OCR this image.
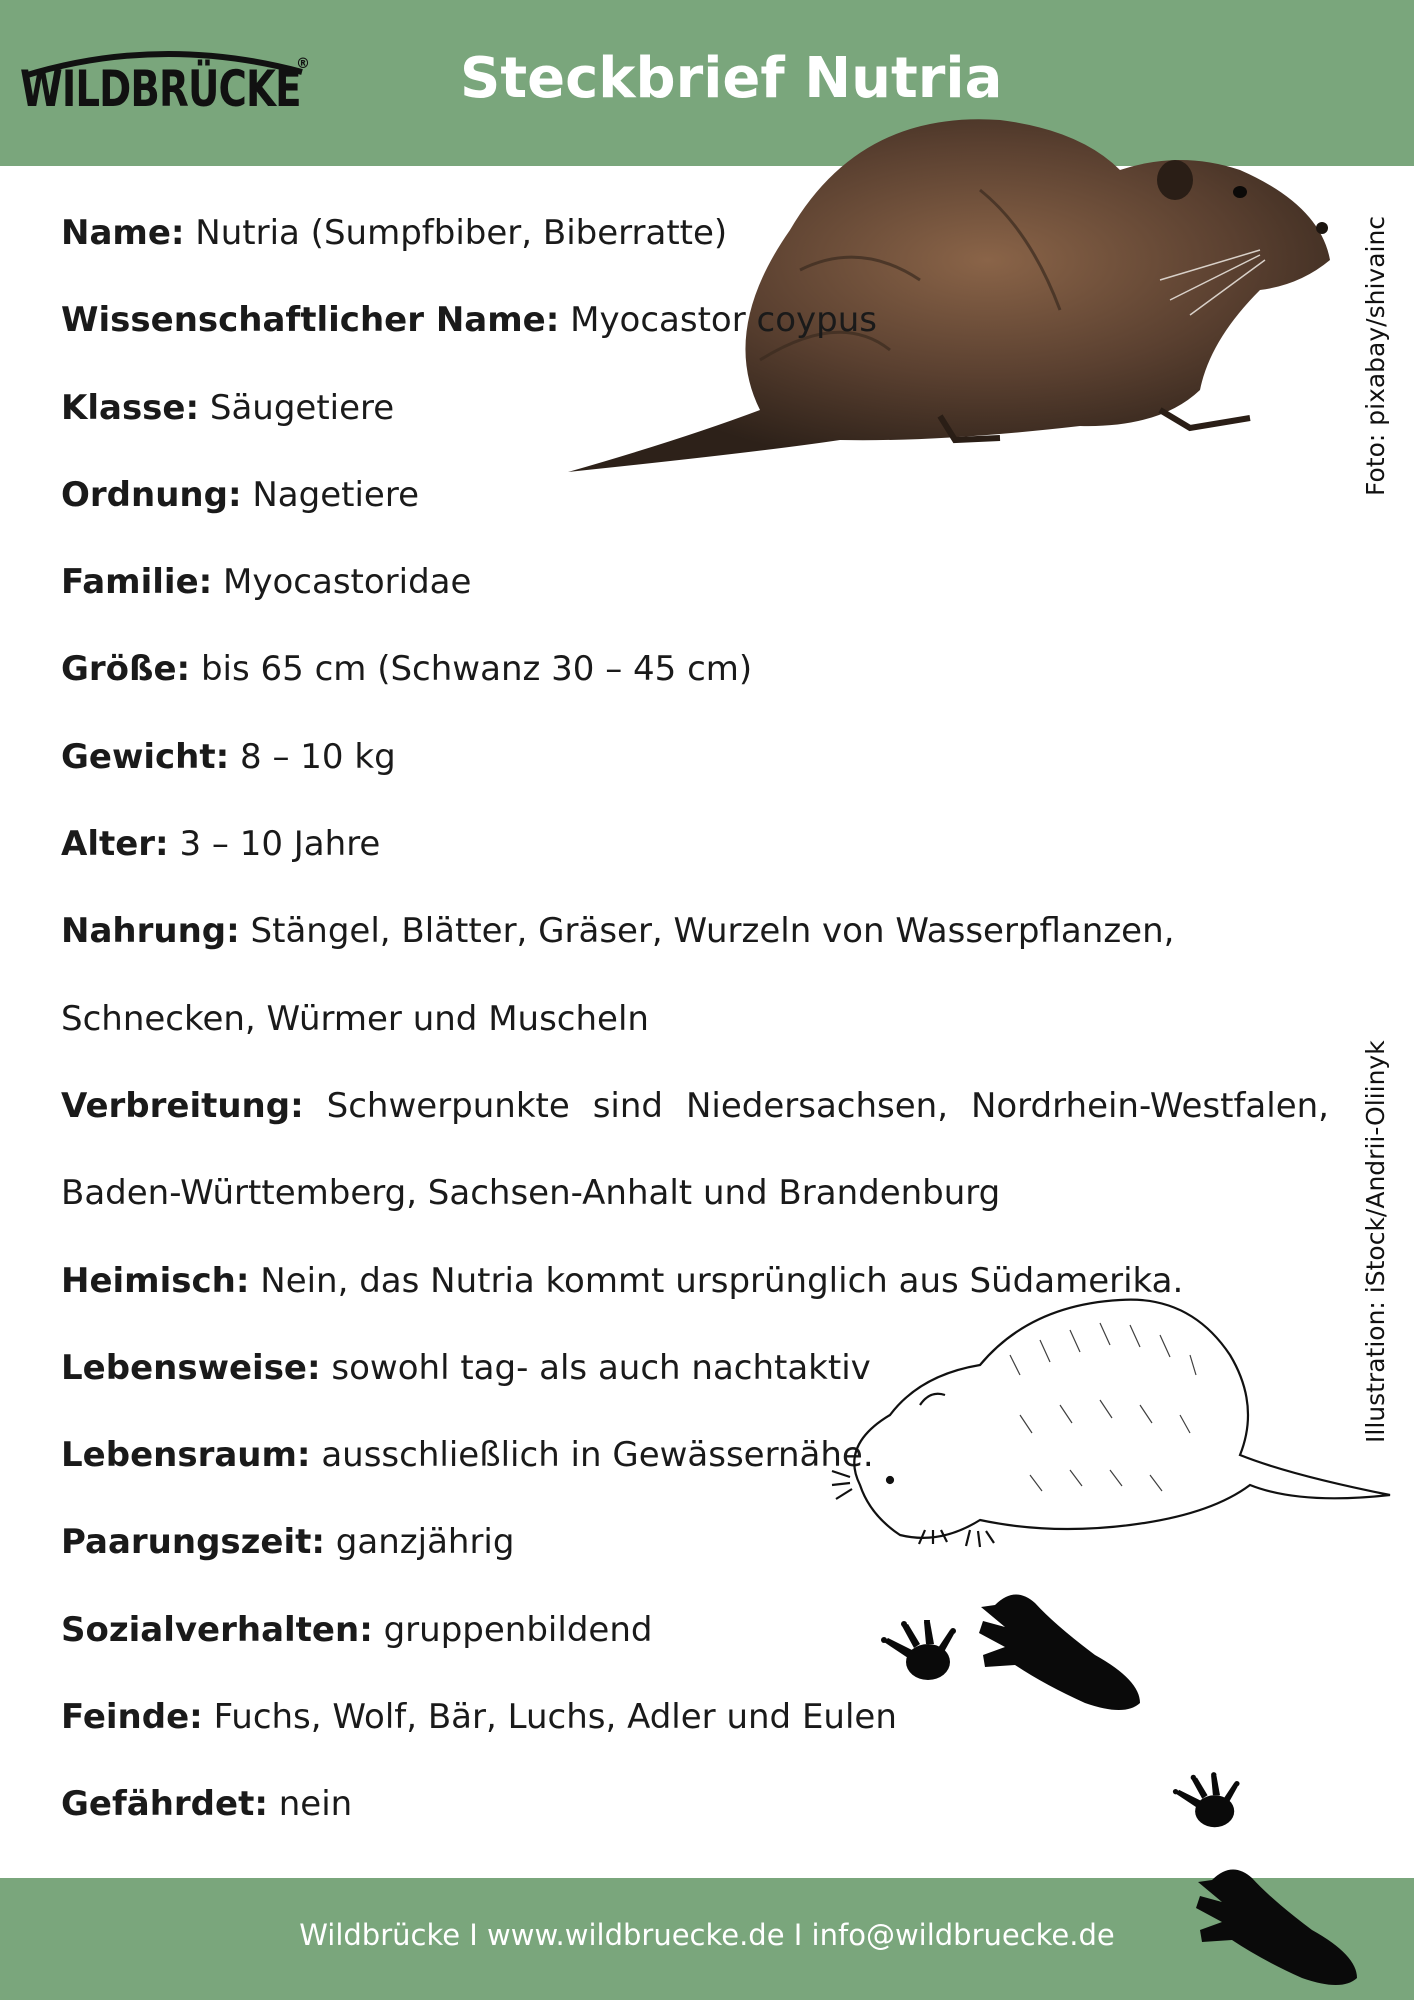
WILDBRÜCKE
®	Steckbrief Nutria
Foto: pixabay/shivainc

Name: Nutria (Sumpfbiber, Biberratte)

Wissenschaftlicher Name: Myocastor coypus

Klasse: Säugetiere

Ordnung: Nagetiere

Familie: Myocastoridae

Größe: bis 65 cm (Schwanz 30 – 45 cm)

Gewicht: 8 – 10 kg

Alter: 3 – 10 Jahre

Nahrung: Stängel, Blätter, Gräser, Wurzeln von Wasserpflanzen, Schnecken, Würmer und Muscheln

Verbreitung: Schwerpunkte sind Niedersachsen, Nordrhein-Westfalen, Baden-Württemberg, Sachsen-Anhalt und Brandenburg

Heimisch: Nein, das Nutria kommt ursprünglich aus Südamerika.

Lebensweise: sowohl tag- als auch nachtaktiv

Lebensraum: ausschließlich in Gewässernähe.

Paarungszeit: ganzjährig

Sozialverhalten: gruppenbildend

Feinde: Fuchs, Wolf, Bär, Luchs, Adler und Eulen

Gefährdet: nein

Illustration: iStock/Andrii-Oliinyk
Wildbrücke I www.wildbruecke.de I info@wildbruecke.de
